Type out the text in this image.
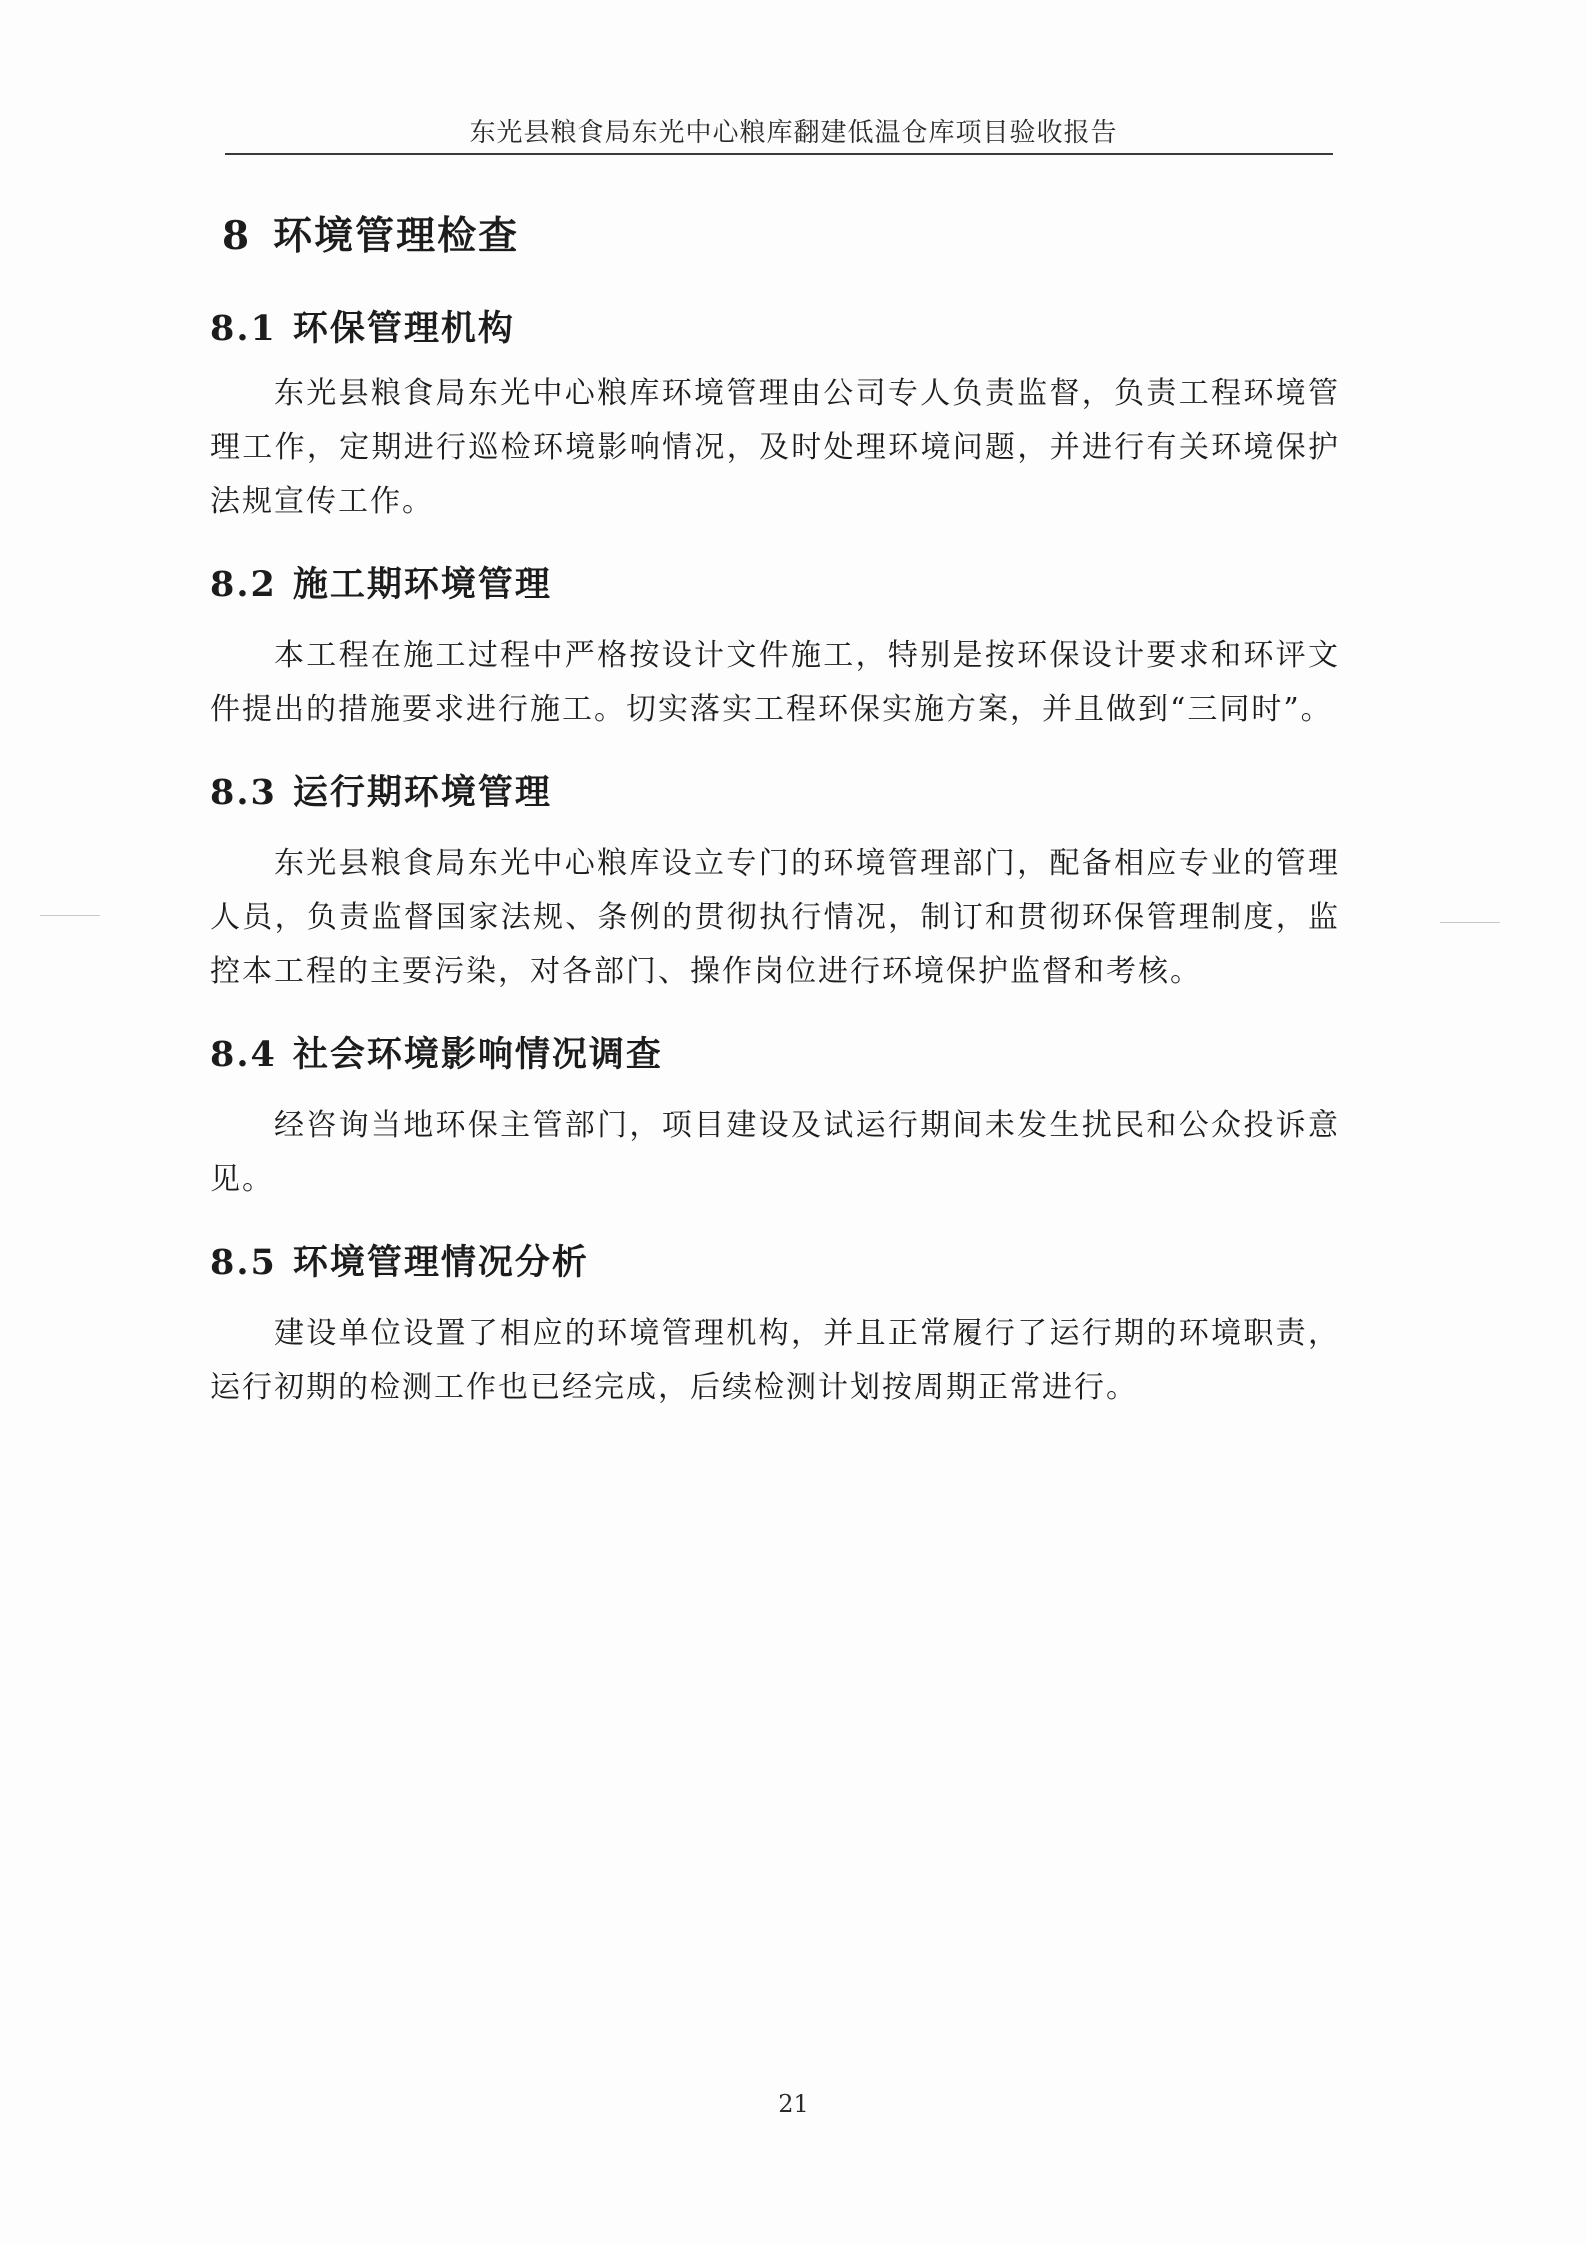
东光县粮食局东光中心粮库翻建低温仓库项目验收报告
8 环境管理检查
8.1 环保管理机构

东光县粮食局东光中心粮库环境管理由公司专人负责监督，负责工程环境管理工作，定期进行巡检环境影响情况，及时处理环境问题，并进行有关环境保护法规宣传工作。

8.2 施工期环境管理

本工程在施工过程中严格按设计文件施工，特别是按环保设计要求和环评文件提出的措施要求进行施工。切实落实工程环保实施方案，并且做到“三同时”。

8.3 运行期环境管理

东光县粮食局东光中心粮库设立专门的环境管理部门，配备相应专业的管理人员，负责监督国家法规、条例的贯彻执行情况，制订和贯彻环保管理制度，监控本工程的主要污染，对各部门、操作岗位进行环境保护监督和考核。

8.4 社会环境影响情况调查

经咨询当地环保主管部门，项目建设及试运行期间未发生扰民和公众投诉意见。

8.5 环境管理情况分析

建设单位设置了相应的环境管理机构，并且正常履行了运行期的环境职责，运行初期的检测工作也已经完成，后续检测计划按周期正常进行。

21
